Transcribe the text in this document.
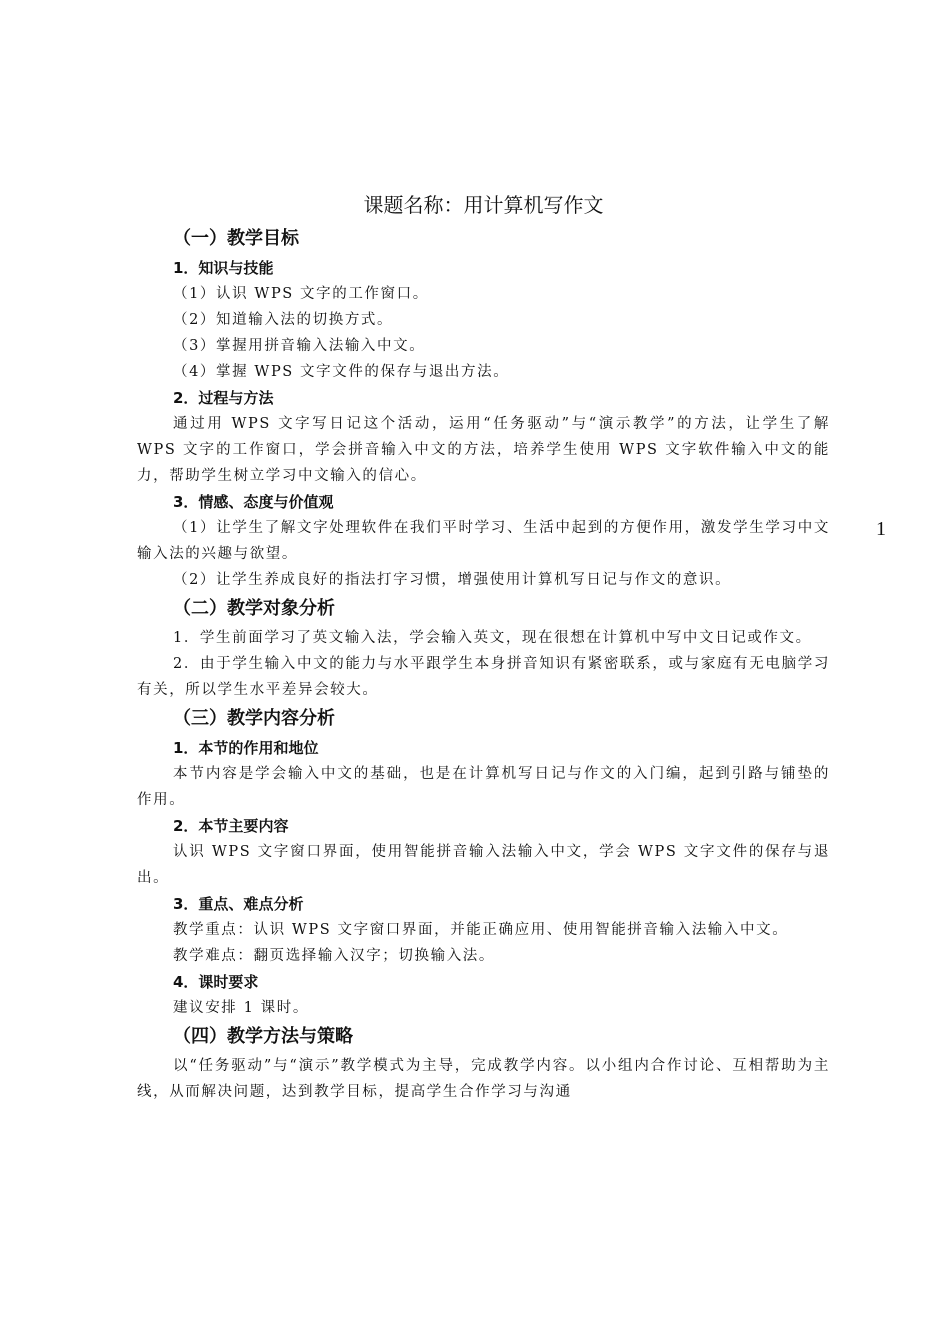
1
课题名称：用计算机写作文
（一）教学目标
1．知识与技能

（1）认识 WPS 文字的工作窗口。

（2）知道输入法的切换方式。

（3）掌握用拼音输入法输入中文。

（4）掌握 WPS 文字文件的保存与退出方法。

2．过程与方法

通过用 WPS 文字写日记这个活动，运用“任务驱动”与“演示教学”的方法，让学生了解 WPS 文字的工作窗口，学会拼音输入中文的方法，培养学生使用 WPS 文字软件输入中文的能力，帮助学生树立学习中文输入的信心。

3．情感、态度与价值观

（1）让学生了解文字处理软件在我们平时学习、生活中起到的方便作用，激发学生学习中文输入法的兴趣与欲望。

（2）让学生养成良好的指法打字习惯，增强使用计算机写日记与作文的意识。

（二）教学对象分析

1．学生前面学习了英文输入法，学会输入英文，现在很想在计算机中写中文日记或作文。

2．由于学生输入中文的能力与水平跟学生本身拼音知识有紧密联系，或与家庭有无电脑学习有关，所以学生水平差异会较大。

（三）教学内容分析
1．本节的作用和地位

本节内容是学会输入中文的基础，也是在计算机写日记与作文的入门编，起到引路与铺垫的作用。

2．本节主要内容

认识 WPS 文字窗口界面，使用智能拼音输入法输入中文，学会 WPS 文字文件的保存与退出。

3．重点、难点分析

教学重点：认识 WPS 文字窗口界面，并能正确应用、使用智能拼音输入法输入中文。

教学难点：翻页选择输入汉字；切换输入法。

4．课时要求

建议安排 1 课时。

（四）教学方法与策略

以“任务驱动”与“演示”教学模式为主导，完成教学内容。以小组内合作讨论、互相帮助为主线，从而解决问题，达到教学目标，提高学生合作学习与沟通
